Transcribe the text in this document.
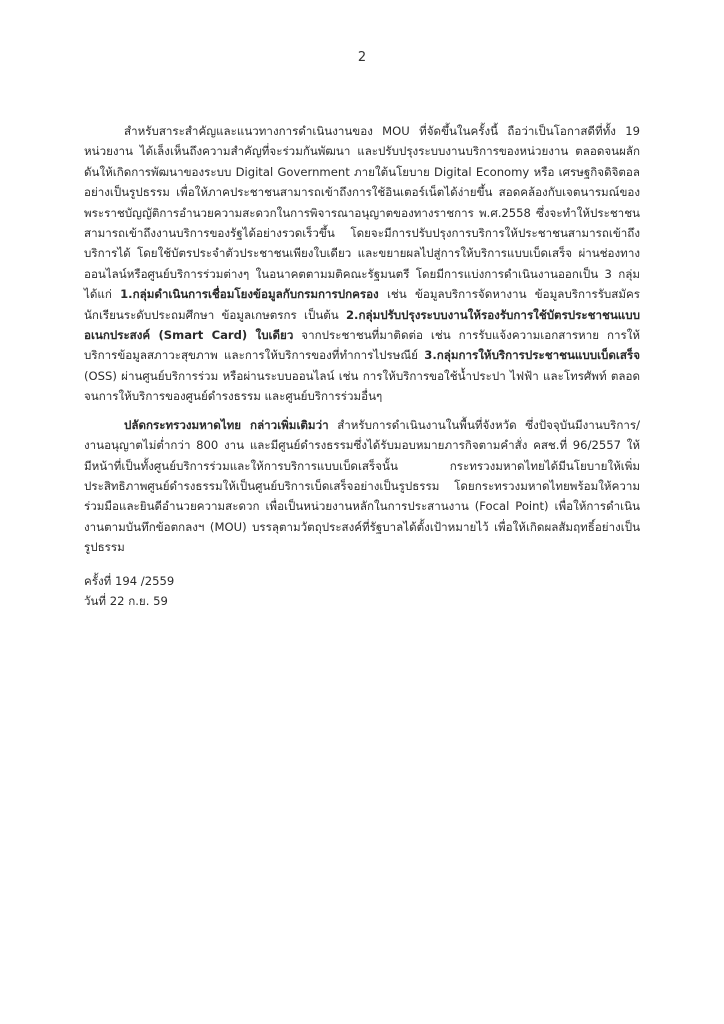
2

สำหรับสาระสำคัญและแนวทางการดำเนินงานของ MOU ที่จัดขึ้นในครั้งนี้ ถือว่าเป็นโอกาสดีที่ทั้ง 19 หน่วยงาน ได้เล็งเห็นถึงความสำคัญที่จะร่วมกันพัฒนา และปรับปรุงระบบงานบริการของหน่วยงาน ตลอดจนผลักดันให้เกิดการพัฒนาของระบบ Digital Government ภายใต้นโยบาย Digital Economy หรือ เศรษฐกิจดิจิตอลอย่างเป็นรูปธรรม เพื่อให้ภาคประชาชนสามารถเข้าถึงการใช้อินเตอร์เน็ตได้ง่ายขึ้น สอดคล้องกับเจตนารมณ์ของพระราชบัญญัติการอำนวยความสะดวกในการพิจารณาอนุญาตของทางราชการ พ.ศ.2558 ซึ่งจะทำให้ประชาชนสามารถเข้าถึงงานบริการของรัฐได้อย่างรวดเร็วขึ้น โดยจะมีการปรับปรุงการบริการให้ประชาชนสามารถเข้าถึงบริการได้ โดยใช้บัตรประจำตัวประชาชนเพียงใบเดียว และขยายผลไปสู่การให้บริการแบบเบ็ดเสร็จ ผ่านช่องทางออนไลน์หรือศูนย์บริการร่วมต่างๆ ในอนาคตตามมติคณะรัฐมนตรี โดยมีการแบ่งการดำเนินงานออกเป็น 3 กลุ่ม ได้แก่ 1.กลุ่มดำเนินการเชื่อมโยงข้อมูลกับกรมการปกครอง เช่น ข้อมูลบริการจัดหางาน ข้อมูลบริการรับสมัครนักเรียนระดับประถมศึกษา ข้อมูลเกษตรกร เป็นต้น 2.กลุ่มปรับปรุงระบบงานให้รองรับการใช้บัตรประชาชนแบบอเนกประสงค์ (Smart Card) ใบเดียว จากประชาชนที่มาติดต่อ เช่น การรับแจ้งความเอกสารหาย การให้บริการข้อมูลสภาวะสุขภาพ และการให้บริการของที่ทำการไปรษณีย์ 3.กลุ่มการให้บริการประชาชนแบบเบ็ดเสร็จ (OSS) ผ่านศูนย์บริการร่วม หรือผ่านระบบออนไลน์ เช่น การให้บริการขอใช้น้ำประปา ไฟฟ้า และโทรศัพท์ ตลอดจนการให้บริการของศูนย์ดำรงธรรม และศูนย์บริการร่วมอื่นๆ

ปลัดกระทรวงมหาดไทย กล่าวเพิ่มเติมว่า สำหรับการดำเนินงานในพื้นที่จังหวัด ซึ่งปัจจุบันมีงานบริการ/งานอนุญาตไม่ต่ำกว่า 800 งาน และมีศูนย์ดำรงธรรมซึ่งได้รับมอบหมายภารกิจตามคำสั่ง คสช.ที่ 96/2557 ให้มีหน้าที่เป็นทั้งศูนย์บริการร่วมและให้การบริการแบบเบ็ดเสร็จนั้น กระทรวงมหาดไทยได้มีนโยบายให้เพิ่มประสิทธิภาพศูนย์ดำรงธรรมให้เป็นศูนย์บริการเบ็ดเสร็จอย่างเป็นรูปธรรม โดยกระทรวงมหาดไทยพร้อมให้ความร่วมมือและยินดีอำนวยความสะดวก เพื่อเป็นหน่วยงานหลักในการประสานงาน (Focal Point) เพื่อให้การดำเนินงานตามบันทึกข้อตกลงฯ (MOU) บรรลุตามวัตถุประสงค์ที่รัฐบาลได้ตั้งเป้าหมายไว้ เพื่อให้เกิดผลสัมฤทธิ์อย่างเป็นรูปธรรม

ครั้งที่ 194 /2559
วันที่ 22 ก.ย. 59
